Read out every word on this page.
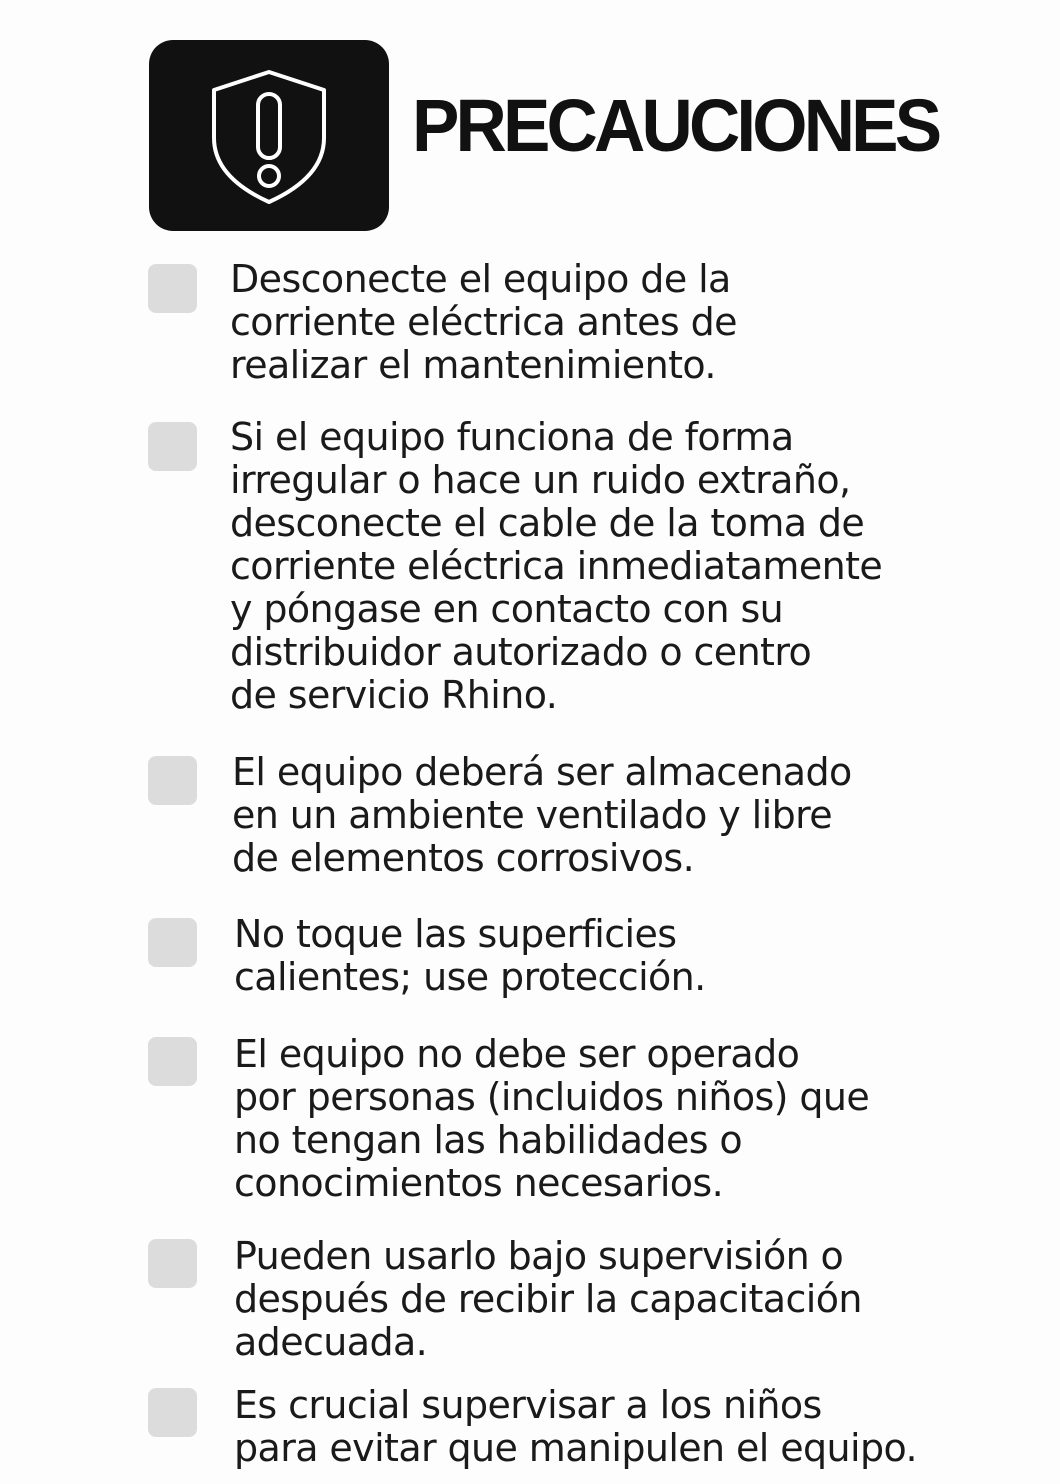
PRECAUCIONES
Desconecte el equipo de la
corriente eléctrica antes de
realizar el mantenimiento.
Si el equipo funciona de forma
irregular o hace un ruido extraño,
desconecte el cable de la toma de
corriente eléctrica inmediatamente
y póngase en contacto con su
distribuidor autorizado o centro
de servicio Rhino.
El equipo deberá ser almacenado
en un ambiente ventilado y libre
de elementos corrosivos.
No toque las superficies
calientes; use protección.
El equipo no debe ser operado
por personas (incluidos niños) que
no tengan las habilidades o
conocimientos necesarios.
Pueden usarlo bajo supervisión o
después de recibir la capacitación
adecuada.
Es crucial supervisar a los niños
para evitar que manipulen el equipo.
